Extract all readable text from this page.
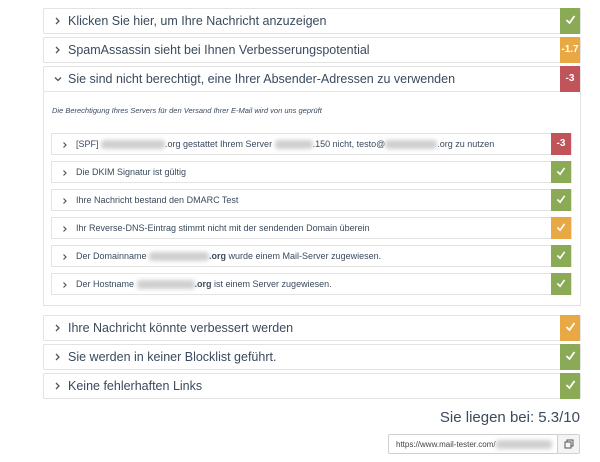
Klicken Sie hier, um Ihre Nachricht anzuzeigen
SpamAssassin sieht bei Ihnen Verbesserungspotential	-1.7
Sie sind nicht berechtigt, eine Ihrer Absender-Adressen zu verwenden	-3
Die Berechtigung Ihres Servers für den Versand Ihrer E-Mail wird von uns geprüft
[SPF]	.org gestattet Ihrem Server	.150 nicht, testo@	.org zu nutzen	-3
Die DKIM Signatur ist gültig
Ihre Nachricht bestand den DMARC Test
Ihr Reverse-DNS-Eintrag stimmt nicht mit der sendenden Domain überein
Der Domainname	.org wurde einem Mail-Server zugewiesen.
Der Hostname	.org ist einem Server zugewiesen.
Ihre Nachricht könnte verbessert werden
Sie werden in keiner Blocklist geführt.
Keine fehlerhaften Links
Sie liegen bei: 5.3/10
https://www.mail-tester.com/
